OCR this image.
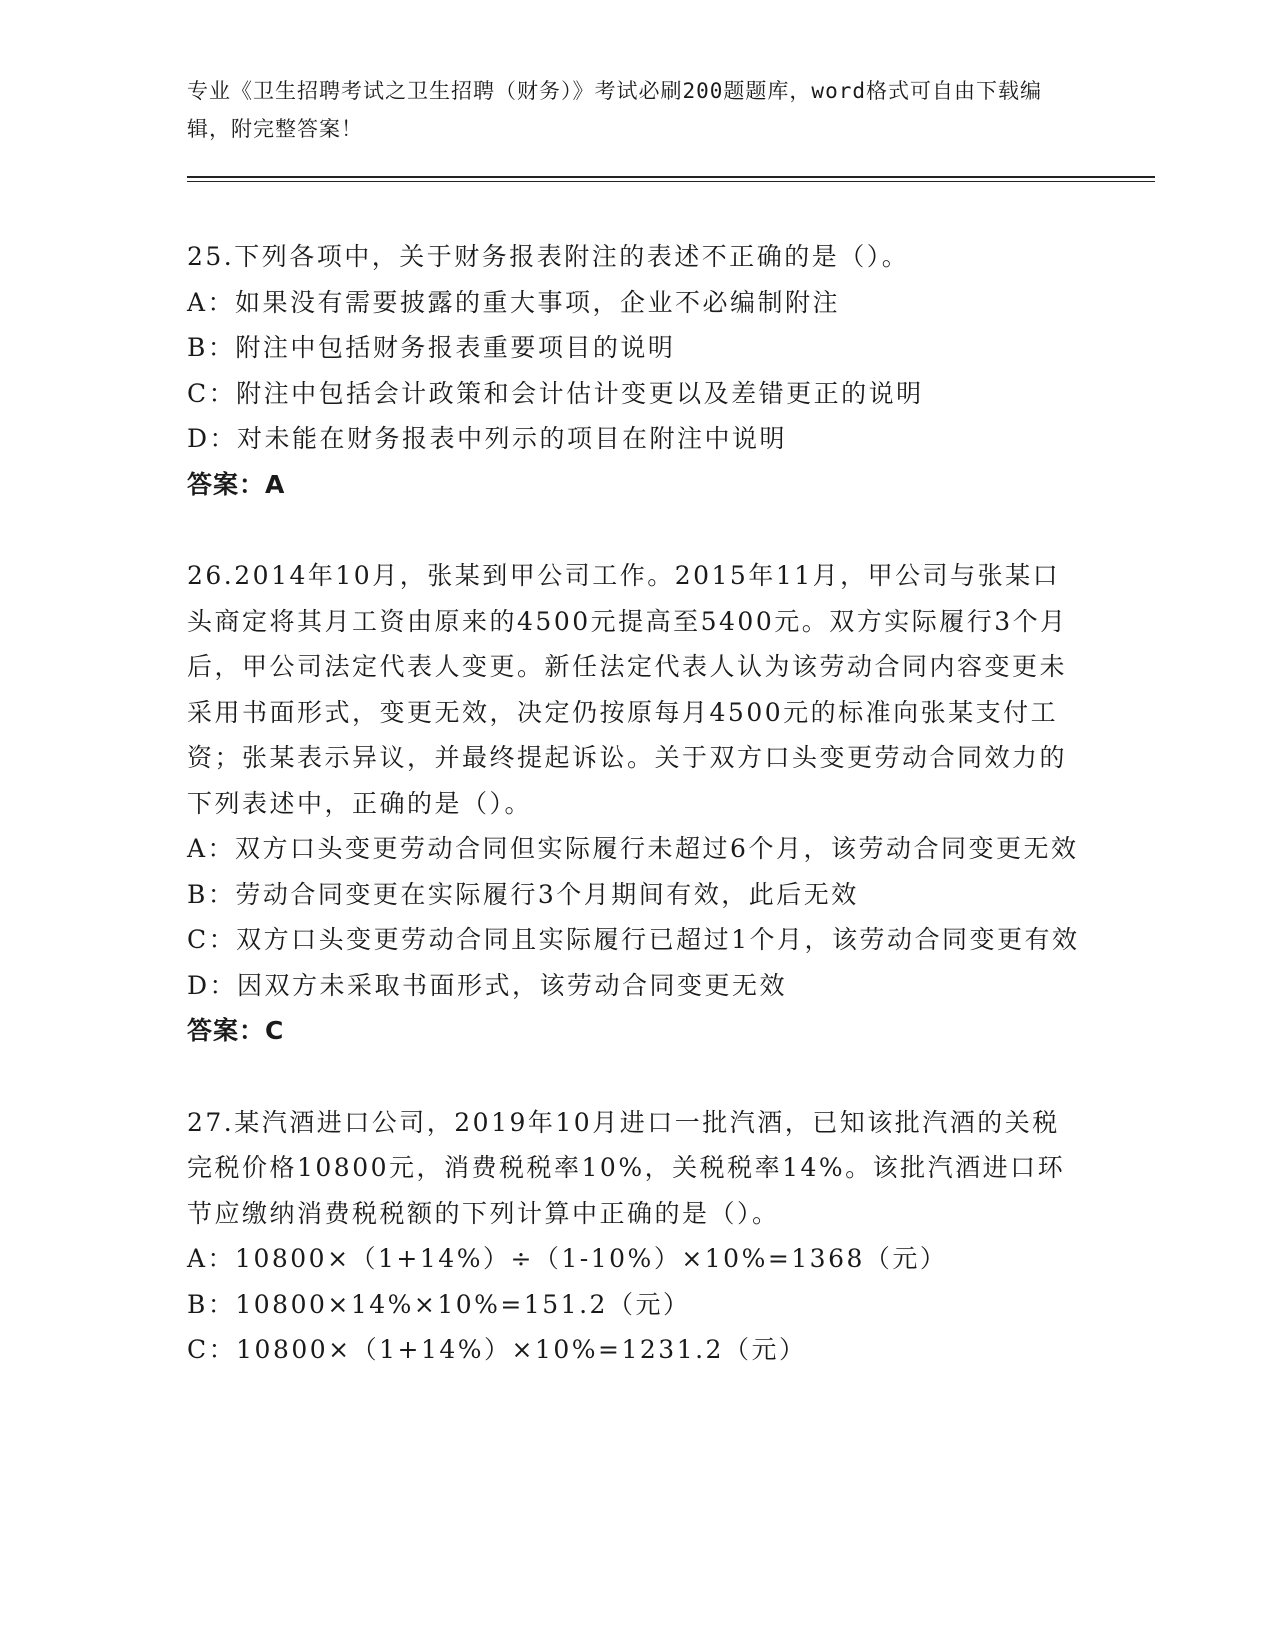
专业《卫生招聘考试之卫生招聘（财务）》考试必刷200题题库，word格式可自由下载编辑，附完整答案！
25.下列各项中，关于财务报表附注的表述不正确的是（）。
A：如果没有需要披露的重大事项，企业不必编制附注
B：附注中包括财务报表重要项目的说明
C：附注中包括会计政策和会计估计变更以及差错更正的说明
D：对未能在财务报表中列示的项目在附注中说明
答案：A
26.2014年10月，张某到甲公司工作。2015年11月，甲公司与张某口头商定将其月工资由原来的4500元提高至5400元。双方实际履行3个月后，甲公司法定代表人变更。新任法定代表人认为该劳动合同内容变更未采用书面形式，变更无效，决定仍按原每月4500元的标准向张某支付工资；张某表示异议，并最终提起诉讼。关于双方口头变更劳动合同效力的下列表述中，正确的是（）。
A：双方口头变更劳动合同但实际履行未超过6个月，该劳动合同变更无效
B：劳动合同变更在实际履行3个月期间有效，此后无效
C：双方口头变更劳动合同且实际履行已超过1个月，该劳动合同变更有效
D：因双方未采取书面形式，该劳动合同变更无效
答案：C
27.某汽酒进口公司，2019年10月进口一批汽酒，已知该批汽酒的关税完税价格10800元，消费税税率10%，关税税率14%。该批汽酒进口环节应缴纳消费税税额的下列计算中正确的是（）。
A：10800×（1+14%）÷（1-10%）×10%=1368（元）
B：10800×14%×10%=151.2（元）
C：10800×（1+14%）×10%=1231.2（元）
